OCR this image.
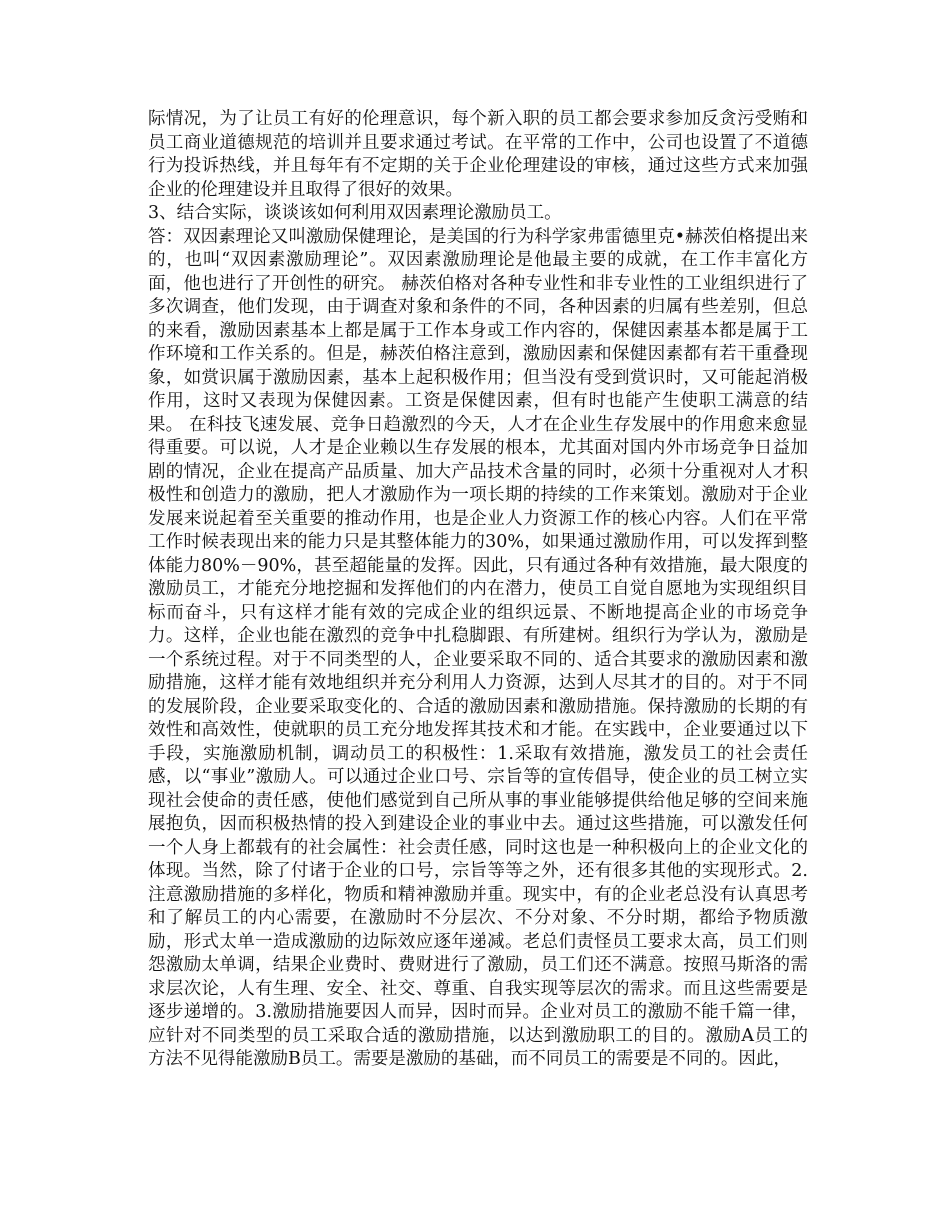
际情况，为了让员工有好的伦理意识，每个新入职的员工都会要求参加反贪污受贿和员工商业道德规范的培训并且要求通过考试。在平常的工作中，公司也设置了不道德行为投诉热线，并且每年有不定期的关于企业伦理建设的审核，通过这些方式来加强企业的伦理建设并且取得了很好的效果。

3、结合实际，谈谈该如何利用双因素理论激励员工。

答：双因素理论又叫激励保健理论，是美国的行为科学家弗雷德里克•赫茨伯格提出来的，也叫“双因素激励理论”。双因素激励理论是他最主要的成就，在工作丰富化方面，他也进行了开创性的研究。 赫茨伯格对各种专业性和非专业性的工业组织进行了多次调查，他们发现，由于调查对象和条件的不同，各种因素的归属有些差别，但总的来看，激励因素基本上都是属于工作本身或工作内容的，保健因素基本都是属于工作环境和工作关系的。但是，赫茨伯格注意到，激励因素和保健因素都有若干重叠现象，如赏识属于激励因素，基本上起积极作用；但当没有受到赏识时，又可能起消极作用，这时又表现为保健因素。工资是保健因素，但有时也能产生使职工满意的结果。 在科技飞速发展、竞争日趋激烈的今天，人才在企业生存发展中的作用愈来愈显得重要。可以说，人才是企业赖以生存发展的根本，尤其面对国内外市场竞争日益加剧的情况，企业在提高产品质量、加大产品技术含量的同时，必须十分重视对人才积极性和创造力的激励，把人才激励作为一项长期的持续的工作来策划。激励对于企业发展来说起着至关重要的推动作用，也是企业人力资源工作的核心内容。人们在平常工作时候表现出来的能力只是其整体能力的30%，如果通过激励作用，可以发挥到整体能力80%－90%，甚至超能量的发挥。因此，只有通过各种有效措施，最大限度的激励员工，才能充分地挖掘和发挥他们的内在潜力，使员工自觉自愿地为实现组织目标而奋斗，只有这样才能有效的完成企业的组织远景、不断地提高企业的市场竞争力。这样，企业也能在激烈的竞争中扎稳脚跟、有所建树。组织行为学认为，激励是一个系统过程。对于不同类型的人，企业要采取不同的、适合其要求的激励因素和激励措施，这样才能有效地组织并充分利用人力资源，达到人尽其才的目的。对于不同的发展阶段，企业要采取变化的、合适的激励因素和激励措施。保持激励的长期的有效性和高效性，使就职的员工充分地发挥其技术和才能。在实践中，企业要通过以下手段，实施激励机制，调动员工的积极性：1.采取有效措施，激发员工的社会责任感，以“事业”激励人。可以通过企业口号、宗旨等的宣传倡导，使企业的员工树立实现社会使命的责任感，使他们感觉到自己所从事的事业能够提供给他足够的空间来施展抱负，因而积极热情的投入到建设企业的事业中去。通过这些措施，可以激发任何一个人身上都载有的社会属性：社会责任感，同时这也是一种积极向上的企业文化的体现。当然，除了付诸于企业的口号，宗旨等等之外，还有很多其他的实现形式。2.注意激励措施的多样化，物质和精神激励并重。现实中，有的企业老总没有认真思考和了解员工的内心需要，在激励时不分层次、不分对象、不分时期，都给予物质激励，形式太单一造成激励的边际效应逐年递减。老总们责怪员工要求太高，员工们则怨激励太单调，结果企业费时、费财进行了激励，员工们还不满意。按照马斯洛的需求层次论，人有生理、安全、社交、尊重、自我实现等层次的需求。而且这些需要是逐步递增的。3.激励措施要因人而异，因时而异。企业对员工的激励不能千篇一律，应针对不同类型的员工采取合适的激励措施，以达到激励职工的目的。激励A员工的方法不见得能激励B员工。需要是激励的基础，而不同员工的需要是不同的。因此，
